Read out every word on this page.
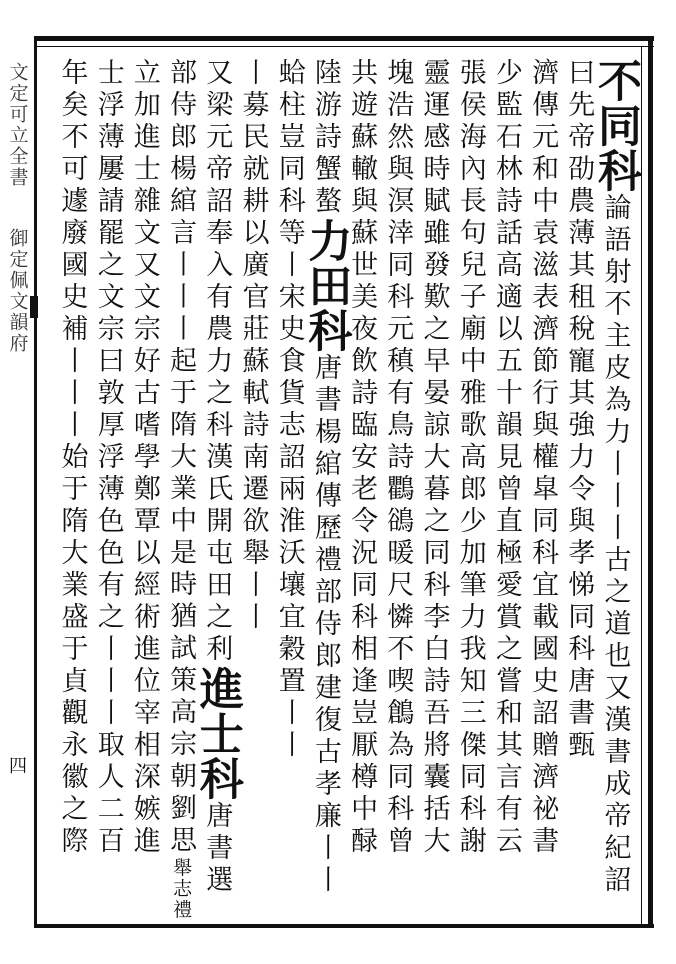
文定可立全書
御定佩文韻府
四
不同科
論語射不主皮為力丨丨丨古之道也又漢書成帝紀詔
曰先帝劭農薄其租稅寵其強力令與孝悌同科唐書甄
濟傳元和中袁滋表濟節行與權皐同科宜載國史詔贈濟祕書
少監石林詩話高適以五十韻見曾直極愛賞之嘗和其言有云
張侯海內長句兒子廟中雅歌高郎少加筆力我知三傑同科謝
靈運感時賦雖發歎之早晏諒大暮之同科李白詩吾將囊括大
塊浩然與溟涬同科元稹有鳥詩鸜鵒暖尺憐不喫鶬為同科曾
共遊蘇轍與蘇世美夜飲詩臨安老令況同科相逢豈厭樽中醁
陸游詩蟹螯
力田科
唐書楊綰傳歷禮部侍郎建復古孝廉丨丨
蛤柱豈同科
等丨宋史食貨志詔兩淮沃壤宜穀置丨丨
丨募民就耕以廣官莊蘇軾詩南遷欲舉丨丨
又梁元帝詔奉入有農力之科漢氏開屯田之利
進士科
唐書選
部侍郎楊綰言丨丨丨起于隋大業中是時猶試策高宗朝劉思
舉志禮
立加進士雜文又文宗好古嗜學鄭覃以經術進位宰相深嫉進
士浮薄屢請罷之文宗曰敦厚浮薄色色有之丨丨丨取人二百
年矣不可遽廢國史補丨丨丨始于隋大業盛于貞觀永徽之際
